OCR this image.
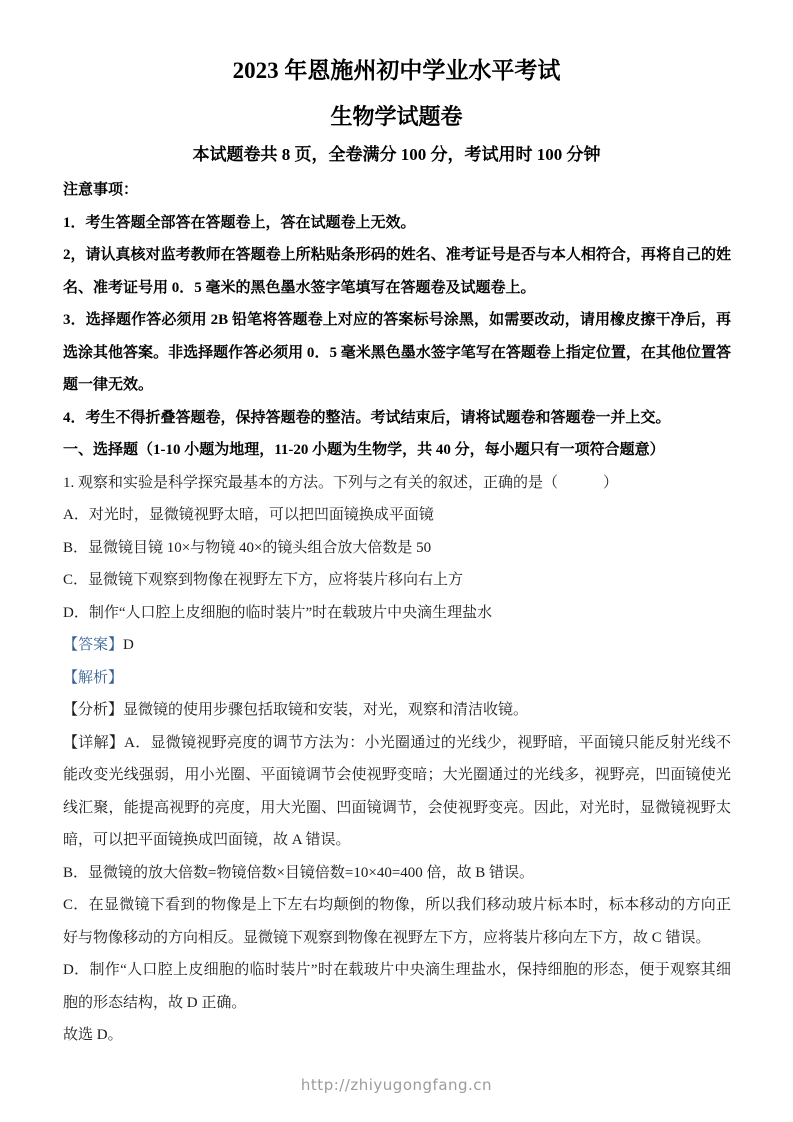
2023 年恩施州初中学业水平考试
生物学试题卷
本试题卷共 8 页，全卷满分 100 分，考试用时 100 分钟

注意事项：

1．考生答题全部答在答题卷上，答在试题卷上无效。

2，请认真核对监考教师在答题卷上所粘贴条形码的姓名、准考证号是否与本人相符合，再将自己的姓名、准考证号用 0．5 毫米的黑色墨水签字笔填写在答题卷及试题卷上。

3．选择题作答必须用 2B 铅笔将答题卷上对应的答案标号涂黑，如需要改动，请用橡皮擦干净后，再选涂其他答案。非选择题作答必须用 0．5 毫米黑色墨水签字笔写在答题卷上指定位置，在其他位置答题一律无效。

4．考生不得折叠答题卷，保持答题卷的整洁。考试结束后，请将试题卷和答题卷一并上交。

一、选择题（1-10 小题为地理，11-20 小题为生物学，共 40 分，每小题只有一项符合题意）

1. 观察和实验是科学探究最基本的方法。下列与之有关的叙述，正确的是（　　　）

A．对光时，显微镜视野太暗，可以把凹面镜换成平面镜

B．显微镜目镜 10×与物镜 40×的镜头组合放大倍数是 50

C．显微镜下观察到物像在视野左下方，应将装片移向右上方

D．制作“人口腔上皮细胞的临时装片”时在载玻片中央滴生理盐水

【答案】D

【解析】

【分析】显微镜的使用步骤包括取镜和安装，对光，观察和清洁收镜。

【详解】A．显微镜视野亮度的调节方法为：小光圈通过的光线少，视野暗，平面镜只能反射光线不能改变光线强弱，用小光圈、平面镜调节会使视野变暗；大光圈通过的光线多，视野亮，凹面镜使光线汇聚，能提高视野的亮度，用大光圈、凹面镜调节，会使视野变亮。因此，对光时，显微镜视野太暗，可以把平面镜换成凹面镜，故 A 错误。

B．显微镜的放大倍数=物镜倍数×目镜倍数=10×40=400 倍，故 B 错误。

C．在显微镜下看到的物像是上下左右均颠倒的物像，所以我们移动玻片标本时，标本移动的方向正好与物像移动的方向相反。显微镜下观察到物像在视野左下方，应将装片移向左下方，故 C 错误。

D．制作“人口腔上皮细胞的临时装片”时在载玻片中央滴生理盐水，保持细胞的形态，便于观察其细胞的形态结构，故 D 正确。

故选 D。

http://zhiyugongfang.cn
